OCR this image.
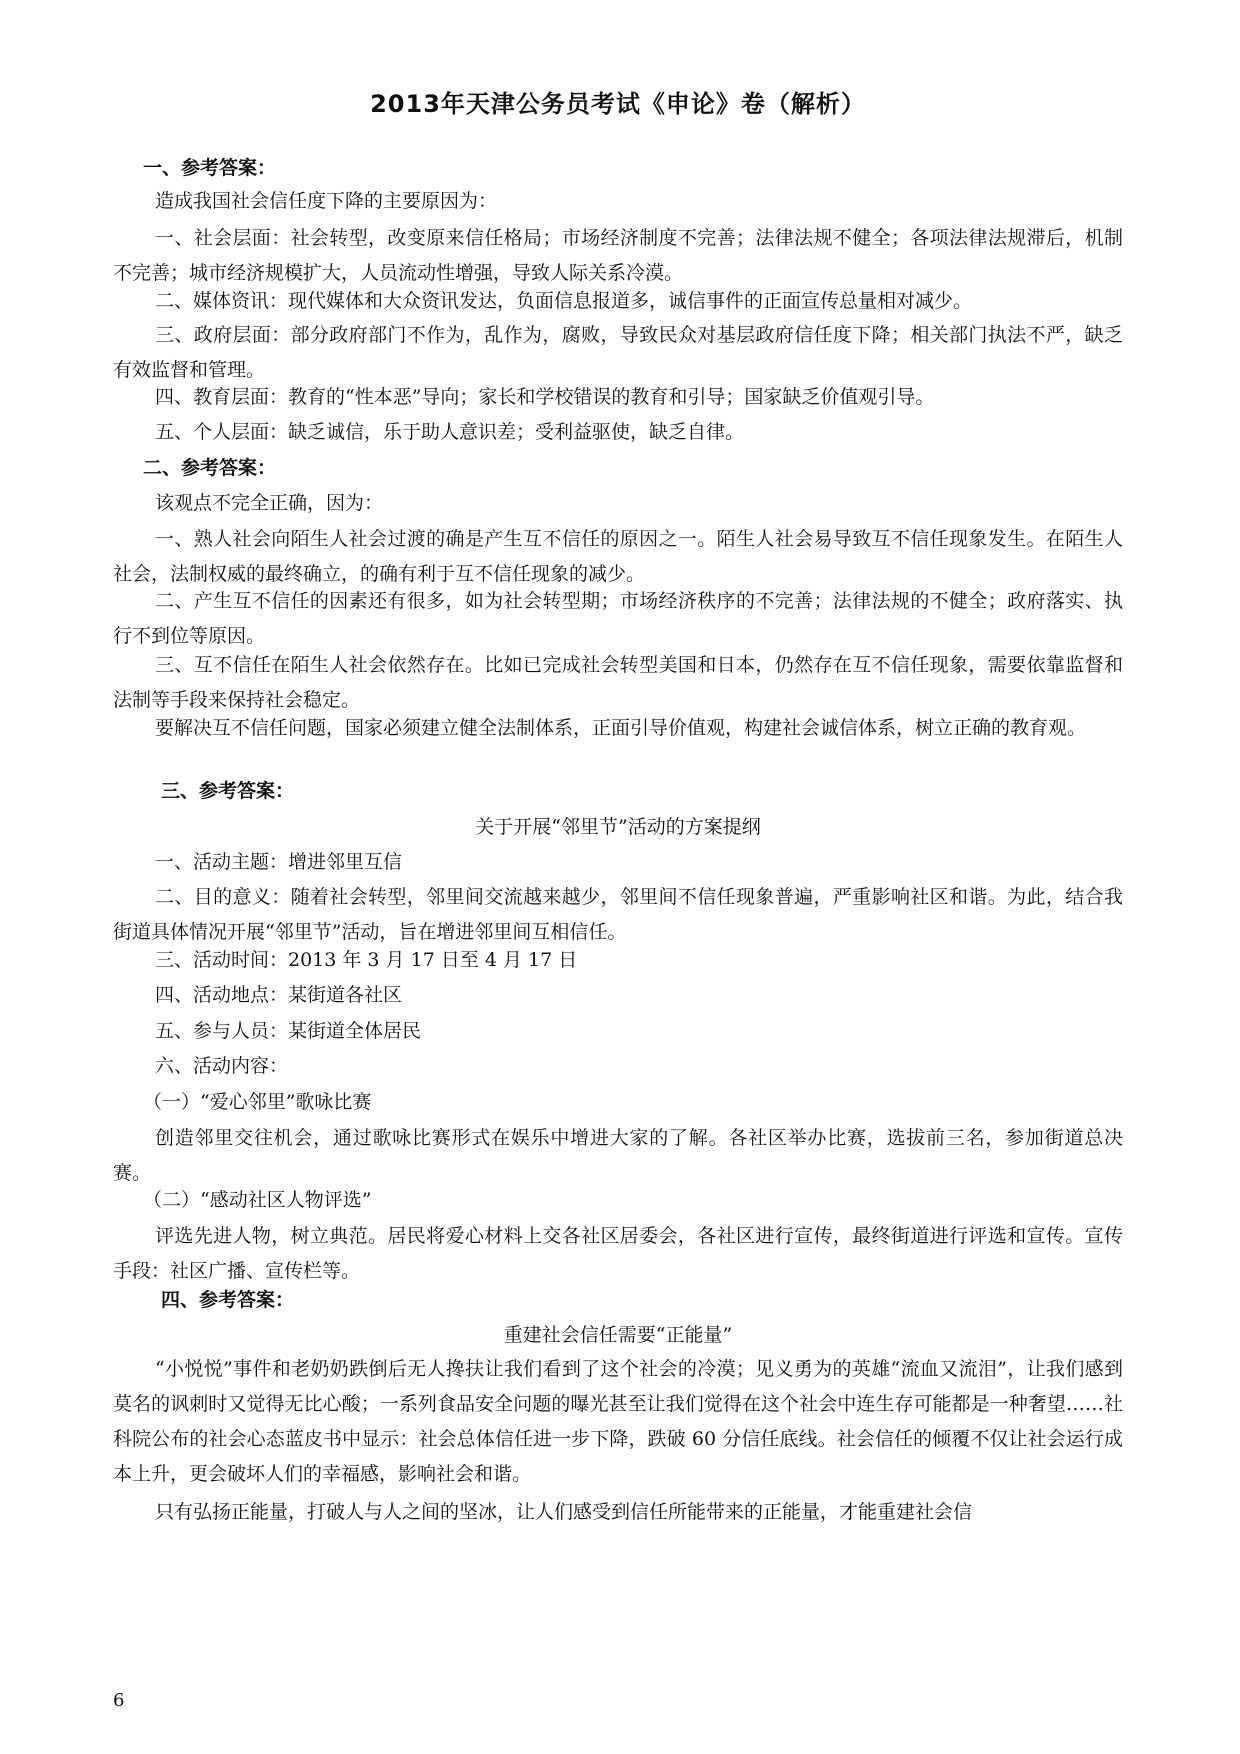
2013年天津公务员考试《申论》卷（解析）
一、参考答案：

造成我国社会信任度下降的主要原因为：

一、社会层面：社会转型，改变原来信任格局；市场经济制度不完善；法律法规不健全；各项法律法规滞后，机制不完善；城市经济规模扩大，人员流动性增强，导致人际关系冷漠。

二、媒体资讯：现代媒体和大众资讯发达，负面信息报道多，诚信事件的正面宣传总量相对减少。

三、政府层面：部分政府部门不作为，乱作为，腐败，导致民众对基层政府信任度下降；相关部门执法不严，缺乏有效监督和管理。

四、教育层面：教育的“性本恶”导向；家长和学校错误的教育和引导；国家缺乏价值观引导。

五、个人层面：缺乏诚信，乐于助人意识差；受利益驱使，缺乏自律。

二、参考答案：

该观点不完全正确，因为：

一、熟人社会向陌生人社会过渡的确是产生互不信任的原因之一。陌生人社会易导致互不信任现象发生。在陌生人社会，法制权威的最终确立，的确有利于互不信任现象的减少。

二、产生互不信任的因素还有很多，如为社会转型期；市场经济秩序的不完善；法律法规的不健全；政府落实、执行不到位等原因。

三、互不信任在陌生人社会依然存在。比如已完成社会转型美国和日本，仍然存在互不信任现象，需要依靠监督和法制等手段来保持社会稳定。

要解决互不信任问题，国家必须建立健全法制体系，正面引导价值观，构建社会诚信体系，树立正确的教育观。

三、参考答案：
关于开展“邻里节”活动的方案提纲

一、活动主题：增进邻里互信

二、目的意义：随着社会转型，邻里间交流越来越少，邻里间不信任现象普遍，严重影响社区和谐。为此，结合我街道具体情况开展“邻里节”活动，旨在增进邻里间互相信任。

三、活动时间：2013 年 3 月 17 日至 4 月 17 日

四、活动地点：某街道各社区

五、参与人员：某街道全体居民

六、活动内容：

（一）“爱心邻里”歌咏比赛

创造邻里交往机会，通过歌咏比赛形式在娱乐中增进大家的了解。各社区举办比赛，选拔前三名，参加街道总决赛。

（二）“感动社区人物评选”

评选先进人物，树立典范。居民将爱心材料上交各社区居委会，各社区进行宣传，最终街道进行评选和宣传。宣传手段：社区广播、宣传栏等。

四、参考答案：
重建社会信任需要“正能量”

“小悦悦”事件和老奶奶跌倒后无人搀扶让我们看到了这个社会的冷漠；见义勇为的英雄“流血又流泪”，让我们感到莫名的讽刺时又觉得无比心酸；一系列食品安全问题的曝光甚至让我们觉得在这个社会中连生存可能都是一种奢望……社科院公布的社会心态蓝皮书中显示：社会总体信任进一步下降，跌破 60 分信任底线。社会信任的倾覆不仅让社会运行成本上升，更会破坏人们的幸福感，影响社会和谐。

只有弘扬正能量，打破人与人之间的坚冰，让人们感受到信任所能带来的正能量，才能重建社会信

6
